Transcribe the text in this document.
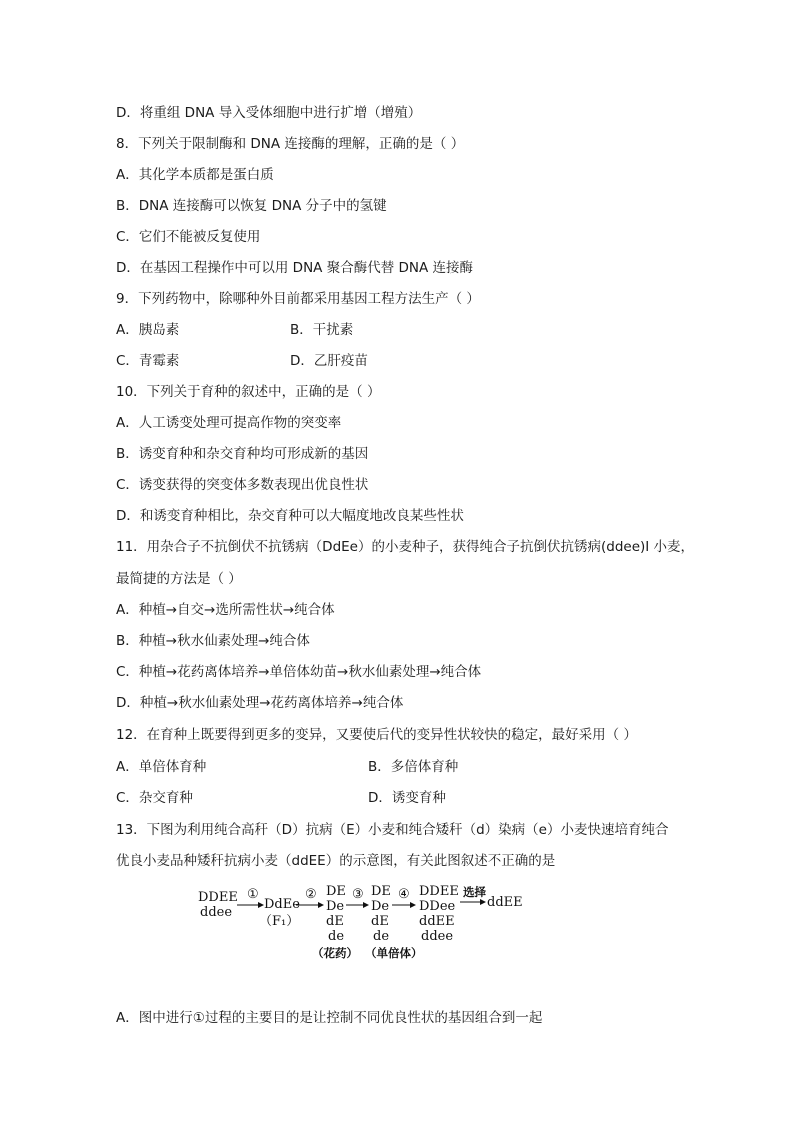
D．将重组 DNA 导入受体细胞中进行扩增（增殖）
8．下列关于限制酶和 DNA 连接酶的理解，正确的是（ ）
A．其化学本质都是蛋白质
B．DNA 连接酶可以恢复 DNA 分子中的氢键
C．它们不能被反复使用
D．在基因工程操作中可以用 DNA 聚合酶代替 DNA 连接酶
9．下列药物中，除哪种外目前都采用基因工程方法生产（ ）
A．胰岛素	B．干扰素
C．青霉素	D．乙肝疫苗
10．下列关于育种的叙述中，正确的是（ ）
A．人工诱变处理可提高作物的突变率
B．诱变育种和杂交育种均可形成新的基因
C．诱变获得的突变体多数表现出优良性状
D．和诱变育种相比，杂交育种可以大幅度地改良某些性状
11．用杂合子不抗倒伏不抗锈病（DdEe）的小麦种子，获得纯合子抗倒伏抗锈病(ddee)I 小麦，
最简捷的方法是（ ）
A．种植→自交→选所需性状→纯合体
B．种植→秋水仙素处理→纯合体
C．种植→花药离体培养→单倍体幼苗→秋水仙素处理→纯合体
D．种植→秋水仙素处理→花药离体培养→纯合体
12．在育种上既要得到更多的变异，又要使后代的变异性状较快的稳定，最好采用（ ）
A．单倍体育种	B．多倍体育种
C．杂交育种	D．诱变育种
13．下图为利用纯合高秆（D）抗病（E）小麦和纯合矮秆（d）染病（e）小麦快速培育纯合
优良小麦品种矮秆抗病小麦（ddEE）的示意图，有关此图叙述不正确的是
DDEE
ddee
①
DdEe
（F₁）
② DE
De
dE
de
③ DE
De
dE
de
④ DDEE
DDee
ddEE
ddee
选择
ddEE
（花药） （单倍体）
A．图中进行①过程的主要目的是让控制不同优良性状的基因组合到一起
